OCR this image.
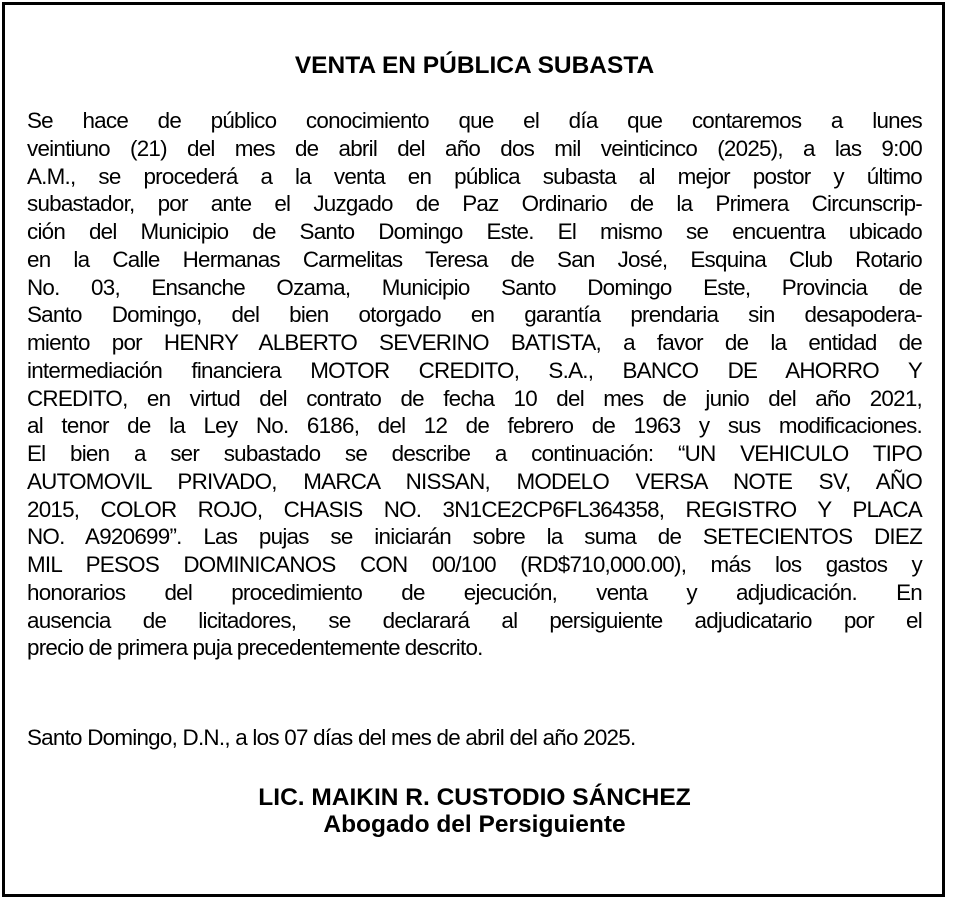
VENTA EN PÚBLICA SUBASTA

Se hace de público conocimiento que el día que contaremos a lunes
veintiuno (21) del mes de abril del año dos mil veinticinco (2025), a las 9:00
A.M., se procederá a la venta en pública subasta al mejor postor y último
subastador, por ante el Juzgado de Paz Ordinario de la Primera Circunscrip-
ción del Municipio de Santo Domingo Este. El mismo se encuentra ubicado
en la Calle Hermanas Carmelitas Teresa de San José, Esquina Club Rotario
No. 03, Ensanche Ozama, Municipio Santo Domingo Este, Provincia de
Santo Domingo, del bien otorgado en garantía prendaria sin desapodera-
miento por HENRY ALBERTO SEVERINO BATISTA, a favor de la entidad de
intermediación financiera MOTOR CREDITO, S.A., BANCO DE AHORRO Y
CREDITO, en virtud del contrato de fecha 10 del mes de junio del año 2021,
al tenor de la Ley No. 6186, del 12 de febrero de 1963 y sus modificaciones.
El bien a ser subastado se describe a continuación: “UN VEHICULO TIPO
AUTOMOVIL PRIVADO, MARCA NISSAN, MODELO VERSA NOTE SV, AÑO
2015, COLOR ROJO, CHASIS NO. 3N1CE2CP6FL364358, REGISTRO Y PLACA
NO. A920699”. Las pujas se iniciarán sobre la suma de SETECIENTOS DIEZ
MIL PESOS DOMINICANOS CON 00/100 (RD$710,000.00), más los gastos y
honorarios del procedimiento de ejecución, venta y adjudicación. En
ausencia de licitadores, se declarará al persiguiente adjudicatario por el
precio de primera puja precedentemente descrito.

Santo Domingo, D.N., a los 07 días del mes de abril del año 2025.

LIC. MAIKIN R. CUSTODIO SÁNCHEZ

Abogado del Persiguiente
